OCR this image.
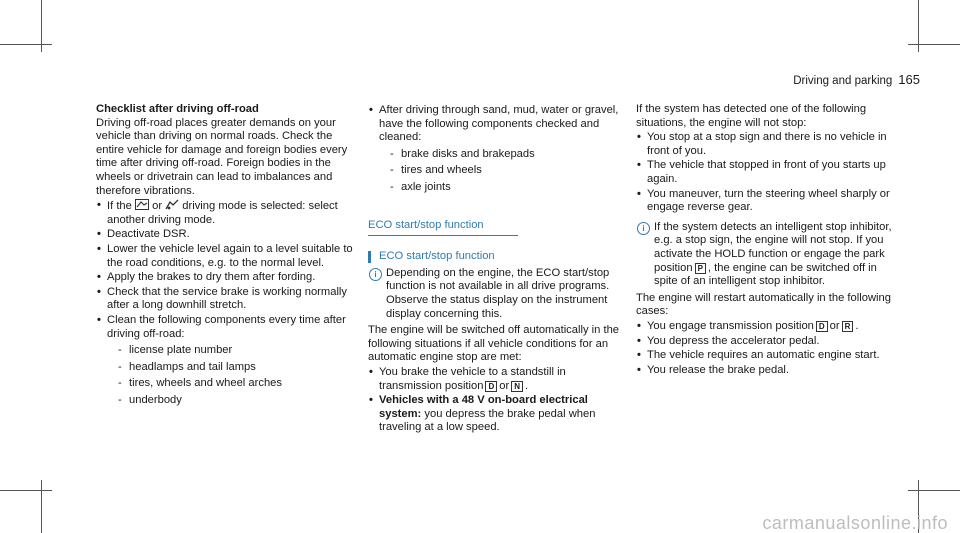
Driving and parking 165

Checklist after driving off-road

Driving off-road places greater demands on your vehicle than driving on normal roads. Check the entire vehicle for damage and foreign bodies every time after driving off-road. Foreign bodies in the wheels or drivetrain can lead to imbalances and therefore vibrations.

• If the or driving mode is selected: select another driving mode.
• Deactivate DSR.
• Lower the vehicle level again to a level suitable to the road conditions, e.g. to the normal level.
• Apply the brakes to dry them after fording.
• Check that the service brake is working normally after a long downhill stretch.
• Clean the following components every time after driving off-road:
- license plate number
- headlamps and tail lamps
- tires, wheels and wheel arches
- underbody
• After driving through sand, mud, water or gravel, have the following components checked and cleaned:
- brake disks and brakepads
- tires and wheels
- axle joints
ECO start/stop function
ECO start/stop function
i Depending on the engine, the ECO start/stop function is not available in all drive programs. Observe the status display on the instrument display concerning this.

The engine will be switched off automatically in the following situations if all vehicle conditions for an automatic engine stop are met:

• You brake the vehicle to a standstill in transmission position D or N .
• Vehicles with a 48 V on-board electrical system: you depress the brake pedal when traveling at a low speed.

If the system has detected one of the following situations, the engine will not stop:

• You stop at a stop sign and there is no vehicle in front of you.
• The vehicle that stopped in front of you starts up again.
• You maneuver, turn the steering wheel sharply or engage reverse gear.
i If the system detects an intelligent stop inhibitor, e.g. a stop sign, the engine will not stop. If you activate the HOLD function or engage the park position P , the engine can be switched off in spite of an intelligent stop inhibitor.

The engine will restart automatically in the following cases:

• You engage transmission position D or R .
• You depress the accelerator pedal.
• The vehicle requires an automatic engine start.
• You release the brake pedal.
carmanualsonline.info
